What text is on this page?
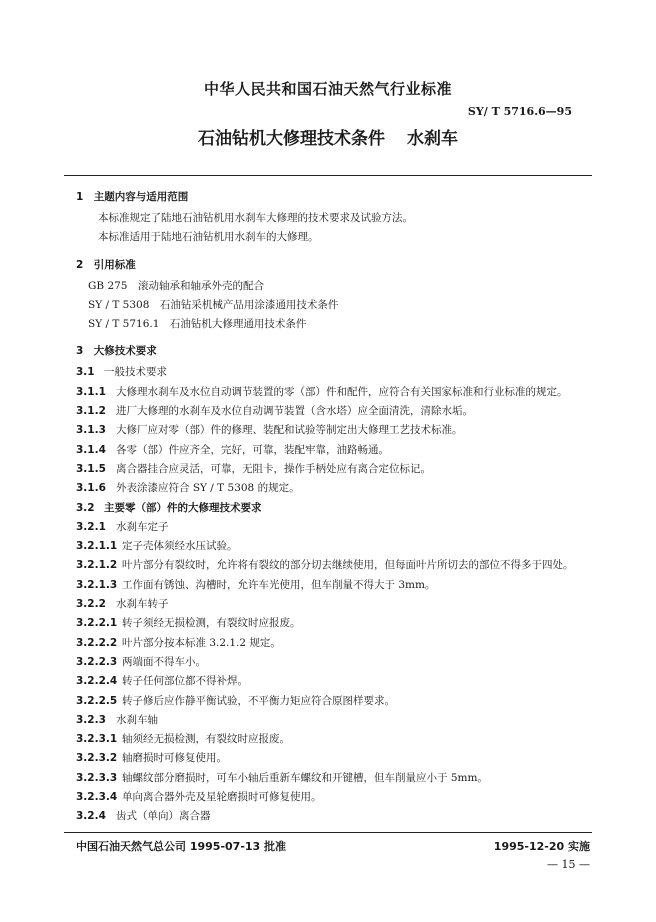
中华人民共和国石油天然气行业标准
SY/ T 5716.6—95
石油钻机大修理技术条件 水刹车
1　主题内容与适用范围
本标准规定了陆地石油钻机用水刹车大修理的技术要求及试验方法。
本标准适用于陆地石油钻机用水刹车的大修理。
2　引用标准
GB 275　滚动轴承和轴承外壳的配合
SY / T 5308　石油钻采机械产品用涂漆通用技术条件
SY / T 5716.1　石油钻机大修理通用技术条件
3　大修技术要求
3.1 一般技术要求
3.1.1 大修理水刹车及水位自动调节装置的零（部）件和配件，应符合有关国家标准和行业标准的规定。
3.1.2 进厂大修理的水刹车及水位自动调节装置（含水塔）应全面清洗，清除水垢。
3.1.3 大修厂应对零（部）件的修理、装配和试验等制定出大修理工艺技术标准。
3.1.4 各零（部）件应齐全，完好，可靠，装配牢靠，油路畅通。
3.1.5 离合器挂合应灵活，可靠，无阻卡，操作手柄处应有离合定位标记。
3.1.6 外表涂漆应符合 SY / T 5308 的规定。
3.2 主要零（部）件的大修理技术要求
3.2.1 水刹车定子
3.2.1.1 定子壳体须经水压试验。
3.2.1.2 叶片部分有裂纹时，允许将有裂纹的部分切去继续使用，但每面叶片所切去的部位不得多于四处。
3.2.1.3 工作面有锈蚀、沟槽时，允许车光使用，但车削量不得大于 3mm。
3.2.2 水刹车转子
3.2.2.1 转子须经无损检测，有裂纹时应报废。
3.2.2.2 叶片部分按本标准 3.2.1.2 规定。
3.2.2.3 两端面不得车小。
3.2.2.4 转子任何部位都不得补焊。
3.2.2.5 转子修后应作静平衡试验，不平衡力矩应符合原图样要求。
3.2.3 水刹车轴
3.2.3.1 轴须经无损检测，有裂纹时应报废。
3.2.3.2 轴磨损时可修复使用。
3.2.3.3 轴螺纹部分磨损时，可车小轴后重新车螺纹和开键槽，但车削量应小于 5mm。
3.2.3.4 单向离合器外壳及星轮磨损时可修复使用。
3.2.4 齿式（单向）离合器
中国石油天然气总公司 1995-07-13 批准	1995-12-20 实施
— 15 —
